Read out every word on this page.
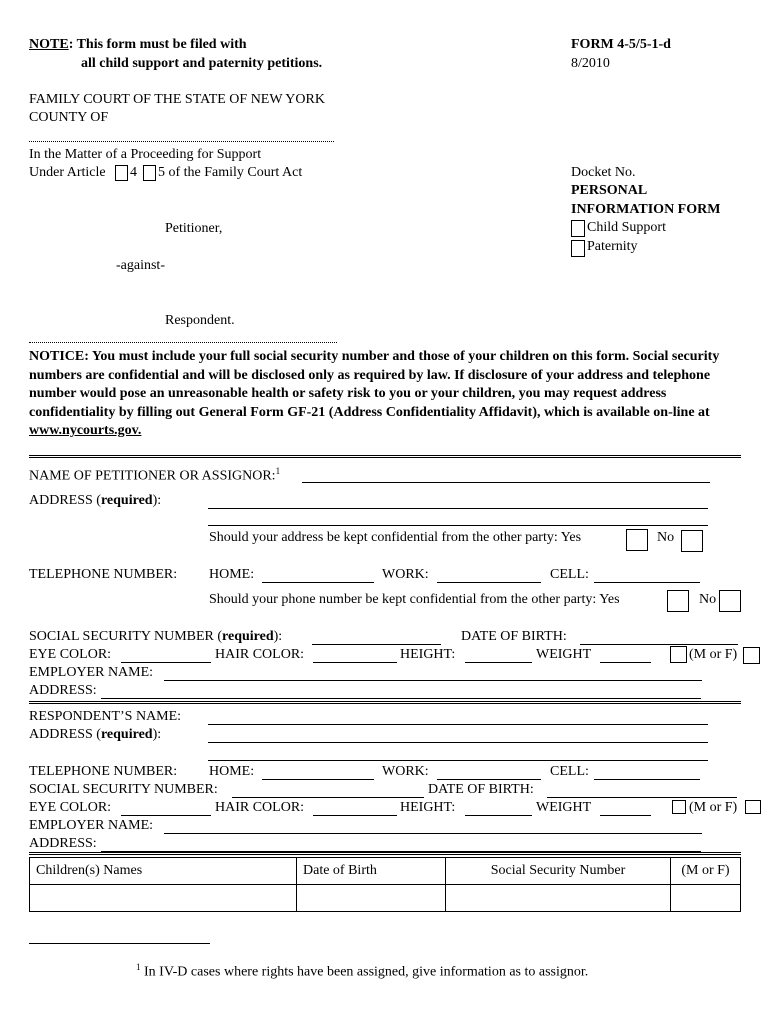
NOTE: This form must be filed with
all child support and paternity petitions.
FORM 4-5/5-1-d
8/2010
FAMILY COURT OF THE STATE OF NEW YORK
COUNTY OF
In the Matter of a Proceeding for Support
Under Article 4 5 of the Family Court Act
Petitioner,
-against-
Respondent.
Docket No.
PERSONAL
INFORMATION FORM
Child Support
Paternity
NOTICE: You must include your full social security number and those of your children on this form. Social security numbers are confidential and will be disclosed only as required by law. If disclosure of your address and telephone number would pose an unreasonable health or safety risk to you or your children, you may request address confidentiality by filling out General Form GF-21 (Address Confidentiality Affidavit), which is available on-line at www.nycourts.gov.
NAME OF PETITIONER OR ASSIGNOR:$^1$
ADDRESS (required):
Should your address be kept confidential from the other party: Yes	No
TELEPHONE NUMBER: HOME:	WORK:	CELL:
Should your phone number be kept confidential from the other party: Yes	No
SOCIAL SECURITY NUMBER (required):	DATE OF BIRTH:
EYE COLOR:	HAIR COLOR:	HEIGHT:	WEIGHT	(M or F)
EMPLOYER NAME:
ADDRESS:
RESPONDENT’S NAME:
ADDRESS (required):
TELEPHONE NUMBER: HOME:	WORK:	CELL:
SOCIAL SECURITY NUMBER:	DATE OF BIRTH:
EYE COLOR:	HAIR COLOR:	HEIGHT:	WEIGHT	(M or F)
EMPLOYER NAME:
ADDRESS:
Children(s) Names	Date of Birth	Social Security Number	(M or F)

$^1$ In IV-D cases where rights have been assigned, give information as to assignor.
